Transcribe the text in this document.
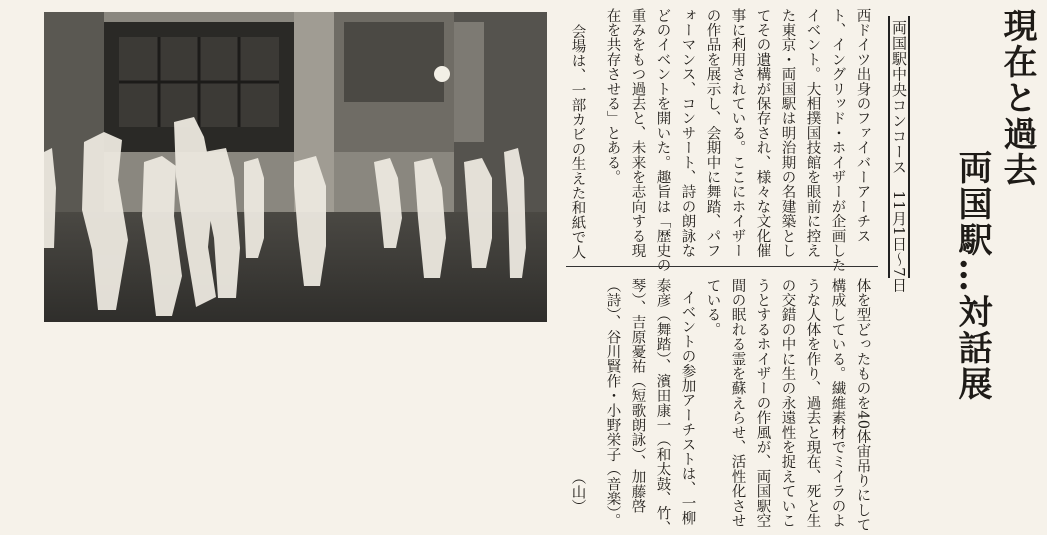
現在と過去
両国駅…対話展
両国駅中央コンコース　11月1日〜7日
西ドイツ出身のファイバーアーチス
ト、イングリッド・ホイザーが企画した
イベント。大相撲国技館を眼前に控え
た東京・両国駅は明治期の名建築とし
てその遺構が保存され、様々な文化催
事に利用されている。ここにホイザー
の作品を展示し、会期中に舞踏、パフ
ォーマンス、コンサート、詩の朗詠な
どのイベントを開いた。趣旨は「歴史の
重みをもつ過去と、未来を志向する現
在を共存させる」とある。
会場は、一部カビの生えた和紙で人
体を型どったものを40体宙吊りにして
構成している。繊維素材でミイラのよ
うな人体を作り、過去と現在、死と生
の交錯の中に生の永遠性を捉えていこ
うとするホイザーの作風が、両国駅空
間の眠れる霊を蘇えらせ、活性化させ
ている。
イベントの参加アーチストは、一柳
泰彦（舞踏）、濱田康一（和太鼓、竹、
琴）、吉原憂祐（短歌朗詠）、加藤啓
（詩）、谷川賢作・小野栄子（音楽）。
（山）
